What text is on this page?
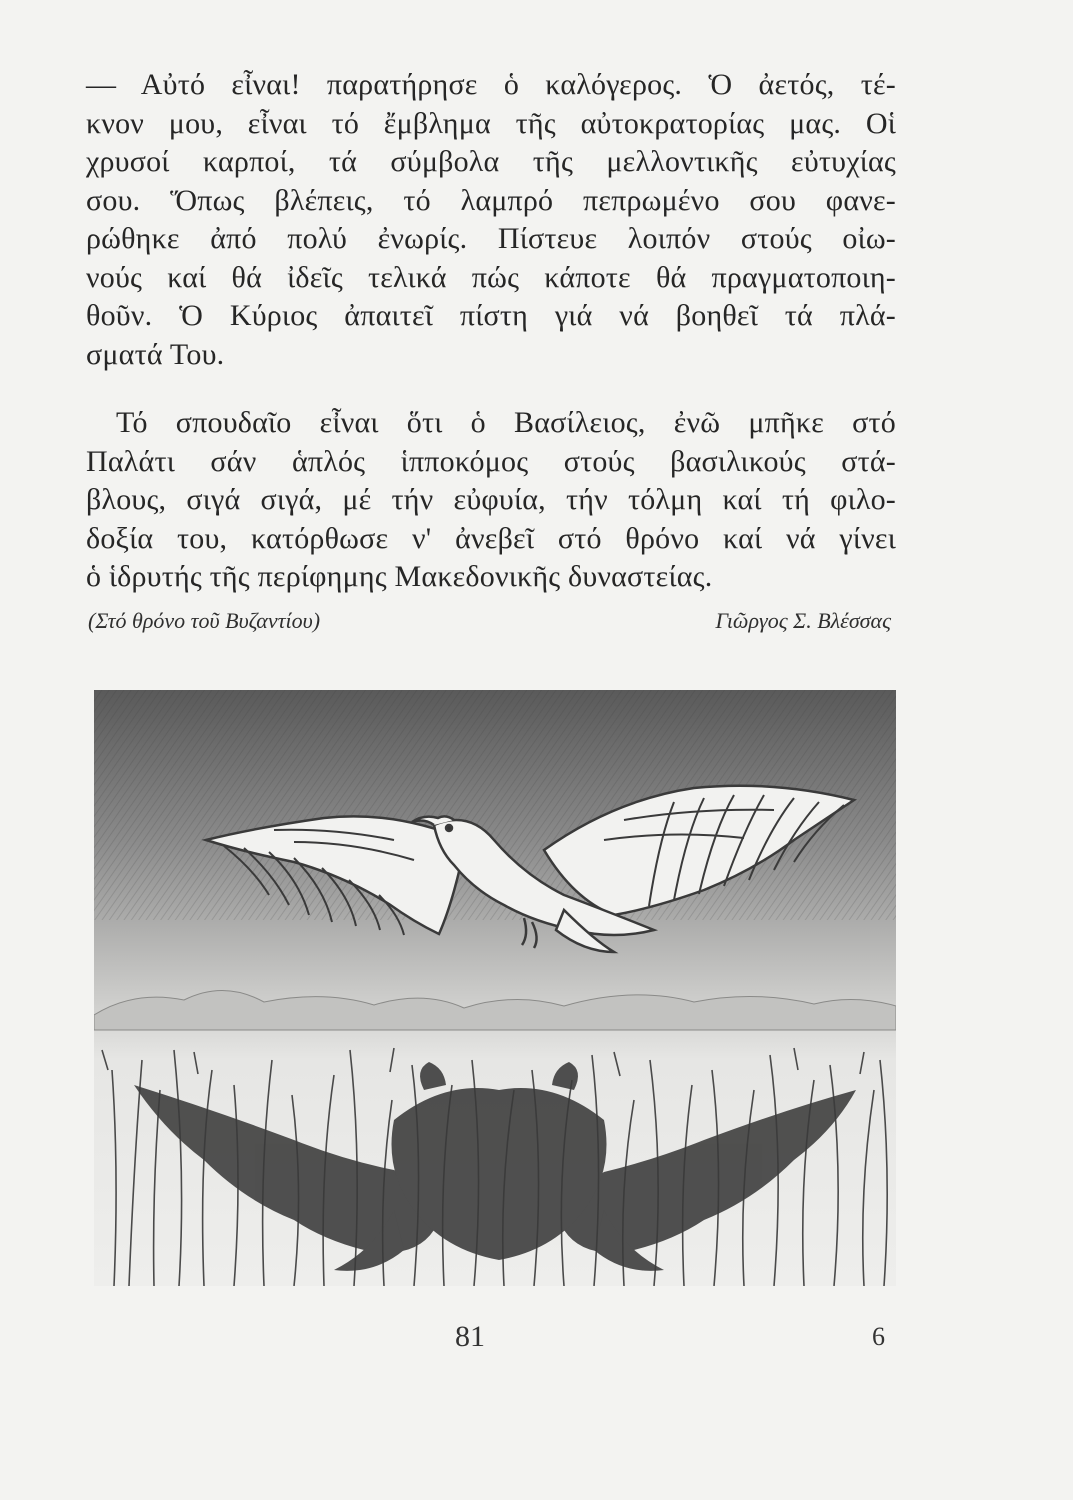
— Αὐτό εἶναι! παρατήρησε ὁ καλόγερος. Ὁ ἀετός, τέ-
κνον μου, εἶναι τό ἔμβλημα τῆς αὐτοκρατορίας μας. Οἱ
χρυσοί καρποί, τά σύμβολα τῆς μελλοντικῆς εὐτυχίας
σου. Ὅπως βλέπεις, τό λαμπρό πεπρωμένο σου φανε-
ρώθηκε ἀπό πολύ ἐνωρίς. Πίστευε λοιπόν στούς οἰω-
νούς καί θά ἰδεῖς τελικά πώς κάποτε θά πραγματοποιη-
θοῦν. Ὁ Κύριος ἀπαιτεῖ πίστη γιά νά βοηθεῖ τά πλά-
σματά Του.
Τό σπουδαῖο εἶναι ὅτι ὁ Βασίλειος, ἐνῶ μπῆκε στό
Παλάτι σάν ἁπλός ἱπποκόμος στούς βασιλικούς στά-
βλους, σιγά σιγά, μέ τήν εὐφυία, τήν τόλμη καί τή φιλο-
δοξία του, κατόρθωσε ν' ἀνεβεῖ στό θρόνο καί νά γίνει
ὁ ἱδρυτής τῆς περίφημης Μακεδονικῆς δυναστείας.
(Στό θρόνο τοῦ Βυζαντίου)	Γιῶργος Σ. Βλέσσας
81	6
